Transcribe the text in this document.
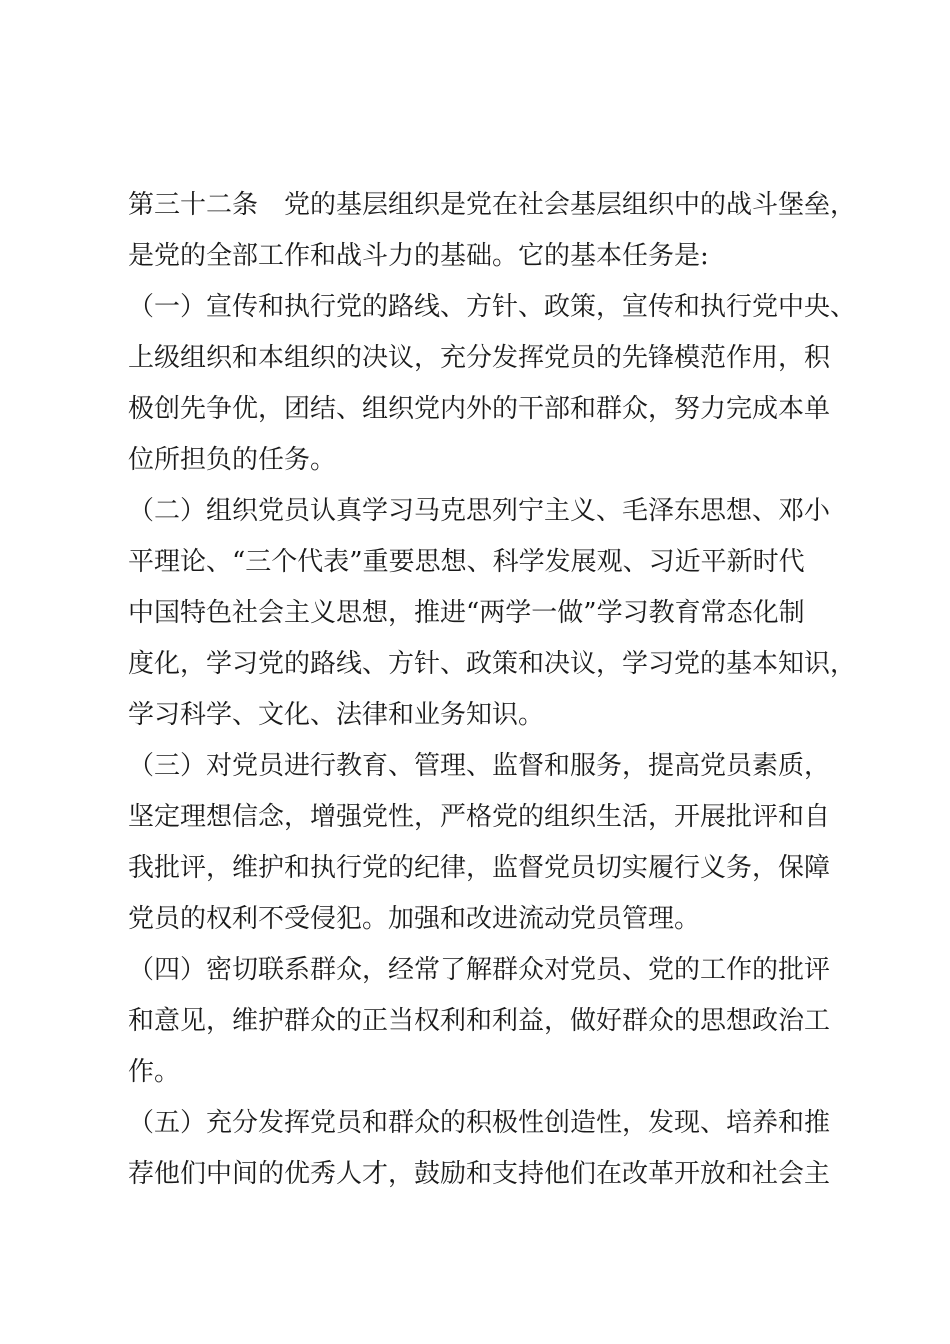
第三十二条　党的基层组织是党在社会基层组织中的战斗堡垒，
是党的全部工作和战斗力的基础。它的基本任务是:
（一）宣传和执行党的路线、方针、政策，宣传和执行党中央、
上级组织和本组织的决议，充分发挥党员的先锋模范作用，积
极创先争优，团结、组织党内外的干部和群众，努力完成本单
位所担负的任务。
（二）组织党员认真学习马克思列宁主义、毛泽东思想、邓小
平理论、“三个代表”重要思想、科学发展观、习近平新时代
中国特色社会主义思想，推进“两学一做”学习教育常态化制
度化，学习党的路线、方针、政策和决议，学习党的基本知识，
学习科学、文化、法律和业务知识。
（三）对党员进行教育、管理、监督和服务，提高党员素质，
坚定理想信念，增强党性，严格党的组织生活，开展批评和自
我批评，维护和执行党的纪律，监督党员切实履行义务，保障
党员的权利不受侵犯。加强和改进流动党员管理。
（四）密切联系群众，经常了解群众对党员、党的工作的批评
和意见，维护群众的正当权利和利益，做好群众的思想政治工
作。
（五）充分发挥党员和群众的积极性创造性，发现、培养和推
荐他们中间的优秀人才，鼓励和支持他们在改革开放和社会主
